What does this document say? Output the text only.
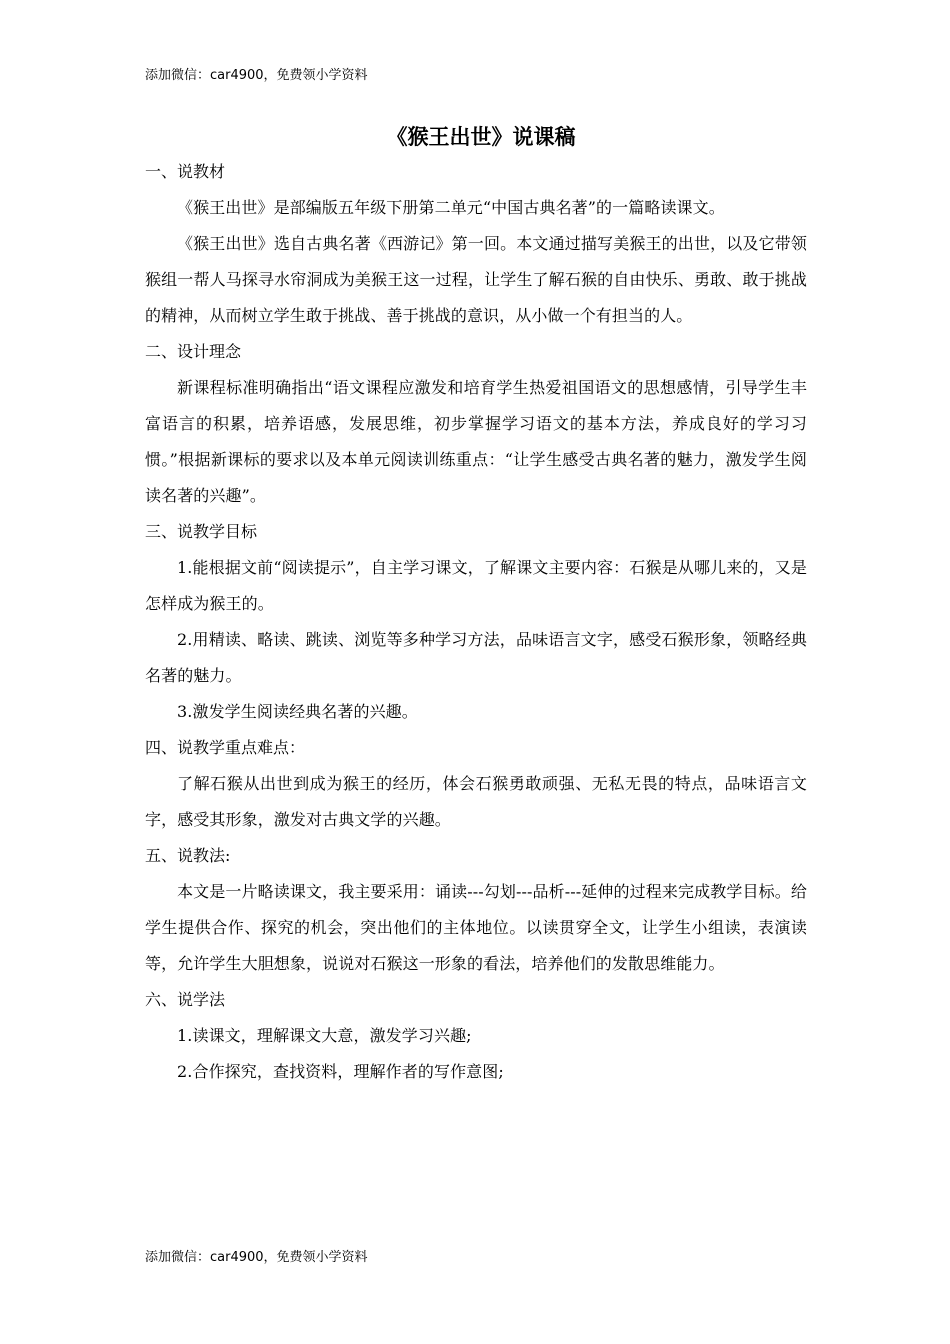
添加微信：car4900，免费领小学资料
《猴王出世》说课稿

一、说教材

《猴王出世》是部编版五年级下册第二单元“中国古典名著”的一篇略读课文。

《猴王出世》选自古典名著《西游记》第一回。本文通过描写美猴王的出世，以及它带领猴组一帮人马探寻水帘洞成为美猴王这一过程，让学生了解石猴的自由快乐、勇敢、敢于挑战的精神，从而树立学生敢于挑战、善于挑战的意识，从小做一个有担当的人。

二、设计理念

新课程标准明确指出“语文课程应激发和培育学生热爱祖国语文的思想感情，引导学生丰富语言的积累，培养语感，发展思维，初步掌握学习语文的基本方法，养成良好的学习习惯。”根据新课标的要求以及本单元阅读训练重点：“让学生感受古典名著的魅力，激发学生阅读名著的兴趣”。

三、说教学目标

1.能根据文前“阅读提示”，自主学习课文，了解课文主要内容：石猴是从哪儿来的，又是怎样成为猴王的。

2.用精读、略读、跳读、浏览等多种学习方法，品味语言文字，感受石猴形象，领略经典名著的魅力。

3.激发学生阅读经典名著的兴趣。

四、说教学重点难点：

了解石猴从出世到成为猴王的经历，体会石猴勇敢顽强、无私无畏的特点，品味语言文字，感受其形象，激发对古典文学的兴趣。

五、说教法:

本文是一片略读课文，我主要采用：诵读---勾划---品析---延伸的过程来完成教学目标。给学生提供合作、探究的机会，突出他们的主体地位。以读贯穿全文，让学生小组读，表演读等，允许学生大胆想象，说说对石猴这一形象的看法，培养他们的发散思维能力。

六、说学法

1.读课文，理解课文大意，激发学习兴趣;

2.合作探究，查找资料，理解作者的写作意图;

添加微信：car4900，免费领小学资料
